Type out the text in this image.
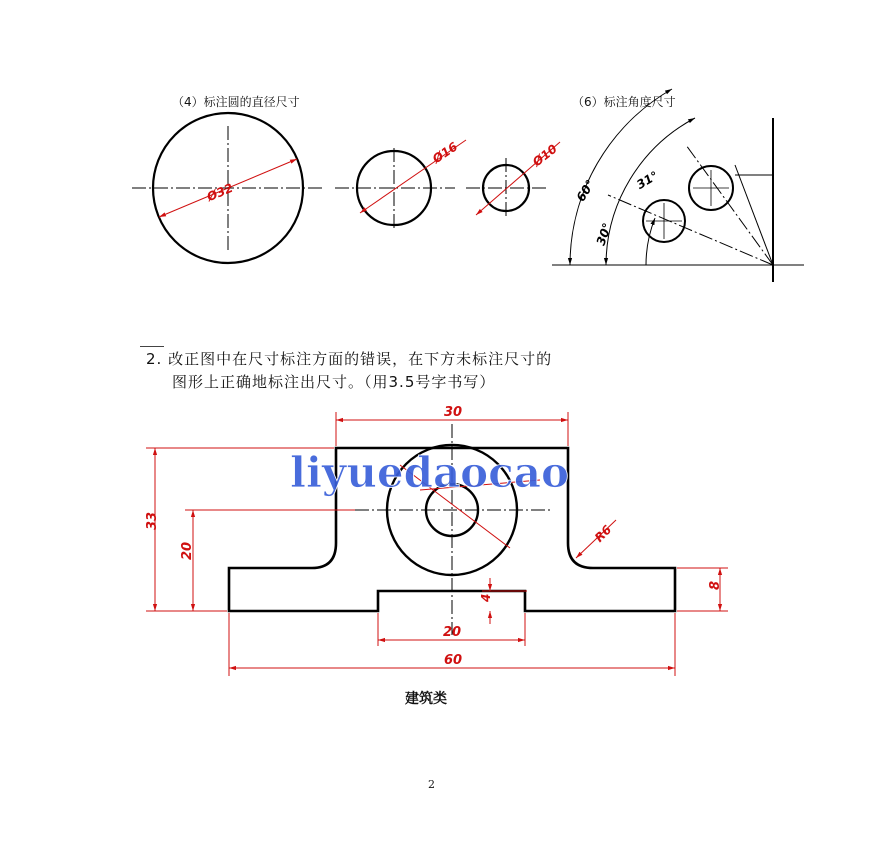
（4）标注圆的直径尺寸	（6）标注角度尺寸
2. 改正图中在尺寸标注方面的错误，在下方未标注尺寸的
图形上正确地标注出尺寸。（用3.5号字书写）
建筑类
2
Ø32
Ø16	Ø10
60°	31°
30°
30
33
20
R6
8
4
20
60
liyuedaocao
